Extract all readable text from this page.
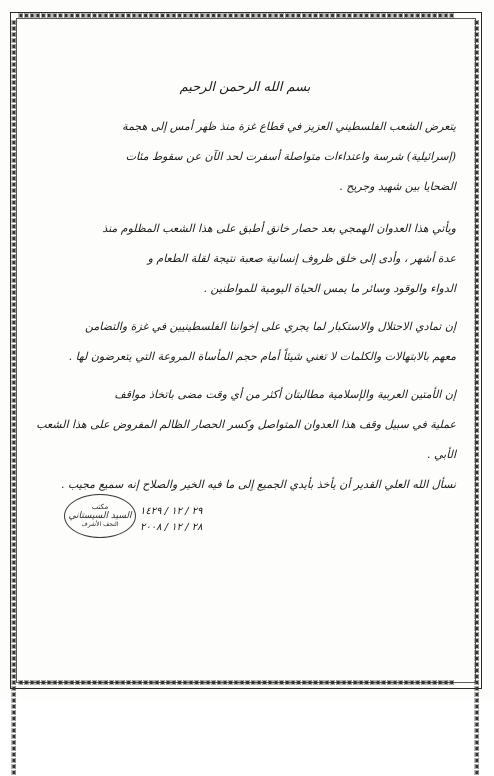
▣▣▣▣▣▣▣▣▣▣▣▣▣▣▣▣▣▣▣▣▣▣▣▣▣▣▣▣▣▣▣▣▣▣▣▣▣▣▣▣▣▣▣▣▣▣▣▣▣▣▣▣▣▣▣▣▣▣▣▣▣▣▣▣▣▣▣▣▣▣▣▣▣▣▣▣▣
▣▣▣▣▣▣▣▣▣▣▣▣▣▣▣▣▣▣▣▣▣▣▣▣▣▣▣▣▣▣▣▣▣▣▣▣▣▣▣▣▣▣▣▣▣▣▣▣▣▣▣▣▣▣▣▣▣▣▣▣▣▣▣▣▣▣▣▣▣▣▣▣▣▣▣▣▣
▣▣▣▣▣▣▣▣▣▣▣▣▣▣▣▣▣▣▣▣▣▣▣▣▣▣▣▣▣▣▣▣▣▣▣▣▣▣▣▣▣▣▣▣▣▣▣▣▣▣▣▣▣▣▣▣▣▣▣▣▣▣▣▣▣▣▣▣▣▣▣▣▣▣▣▣▣▣▣▣▣▣▣▣▣▣▣▣▣▣▣▣▣▣▣▣▣▣▣▣▣▣▣▣▣▣▣▣▣▣▣▣▣▣▣▣▣▣▣▣▣▣▣▣▣▣
▣▣▣▣▣▣▣▣▣▣▣▣▣▣▣▣▣▣▣▣▣▣▣▣▣▣▣▣▣▣▣▣▣▣▣▣▣▣▣▣▣▣▣▣▣▣▣▣▣▣▣▣▣▣▣▣▣▣▣▣▣▣▣▣▣▣▣▣▣▣▣▣▣▣▣▣▣▣▣▣▣▣▣▣▣▣▣▣▣▣▣▣▣▣▣▣▣▣▣▣▣▣▣▣▣▣▣▣▣▣▣▣▣▣▣▣▣▣▣▣▣▣▣▣▣▣
بسم الله الرحمن الرحيم
يتعرض الشعب الفلسطيني العزيز في قطاع غزة منذ ظهر أمس إلى هجمة
(إسرائيلية) شرسة واعتداءات متواصلة أسفرت لحد الآن عن سقوط مئات
الضحايا بين شهيد وجريح .
ويأتي هذا العدوان الهمجي بعد حصار خانق أطبق على هذا الشعب المظلوم منذ
عدة أشهر ، وأدى إلى خلق ظروف إنسانية صعبة نتيجة لقلة الطعام و
الدواء والوقود وسائر ما يمس الحياة اليومية للمواطنين .
إن تمادي الاحتلال والاستكبار لما يجري على إخواننا الفلسطينيين في غزة والتضامن
معهم بالابتهالات والكلمات لا تغني شيئاً أمام حجم المأساة المروعة التي يتعرضون لها .
إن الأمتين العربية والإسلامية مطالبتان أكثر من أي وقت مضى باتخاذ مواقف
عملية في سبيل وقف هذا العدوان المتواصل وكسر الحصار الظالم المفروض على هذا الشعب
الأبي .
نسأل الله العلي القدير أن يأخذ بأيدي الجميع إلى ما فيه الخير والصلاح إنه سميع مجيب .
مكتب
السيد السيستاني
النجف الأشرف
٢٩ / ١٢ / ١٤٢٩
٢٨ / ١٢ / ٢٠٠٨
